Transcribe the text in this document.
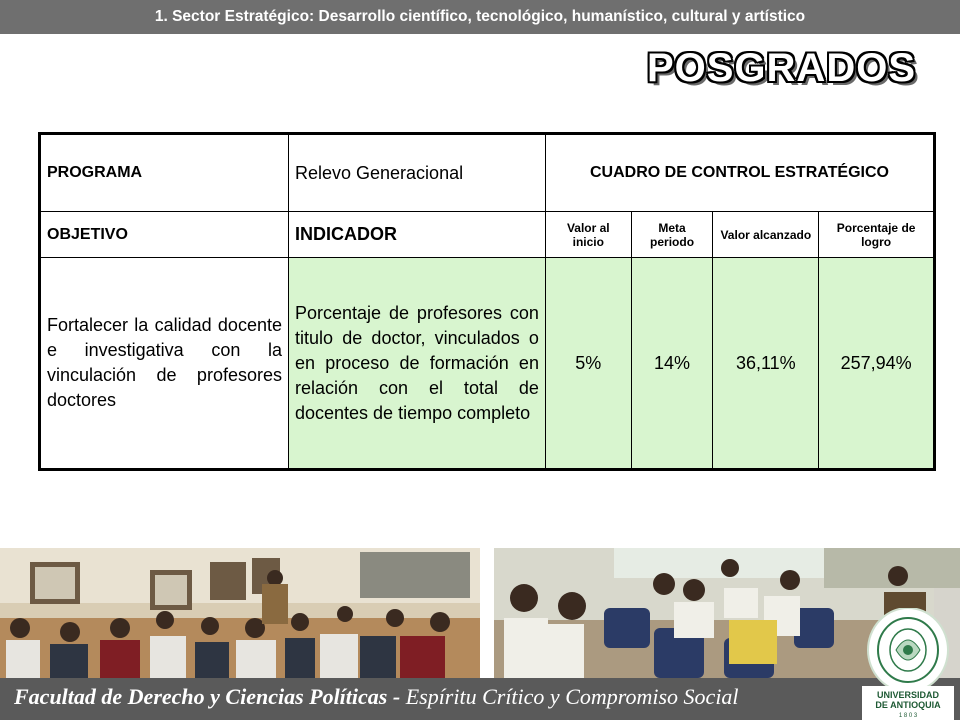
1. Sector Estratégico: Desarrollo científico, tecnológico, humanístico, cultural y artístico
POSGRADOS
PROGRAMA	Relevo Generacional	CUADRO DE CONTROL ESTRATÉGICO			
OBJETIVO	INDICADOR	Valor al inicio	Meta periodo	Valor alcanzado	Porcentaje de logro
Fortalecer la calidad docente e investigativa con la vinculación de profesores doctores	Porcentaje de profesores con titulo de doctor, vinculados o en proceso de formación en relación con el total de docentes de tiempo completo	5%	14%	36,11%	257,94%
Facultad de Derecho y Ciencias Políticas - Espíritu Crítico y Compromiso Social	UNIVERSIDAD
DE ANTIOQUIA
1 8 0 3
